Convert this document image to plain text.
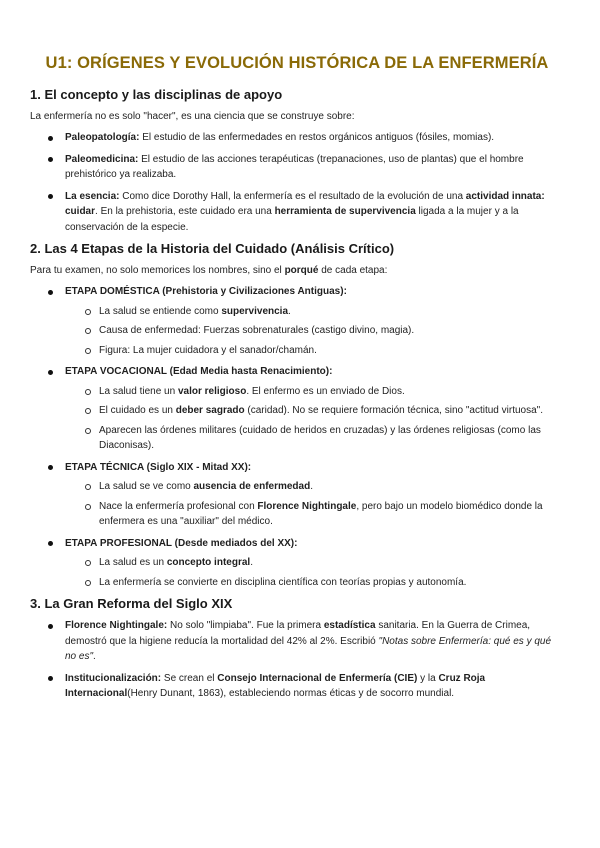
U1: ORÍGENES Y EVOLUCIÓN HISTÓRICA DE LA ENFERMERÍA
1. El concepto y las disciplinas de apoyo

La enfermería no es solo "hacer", es una ciencia que se construye sobre:

Paleopatología: El estudio de las enfermedades en restos orgánicos antiguos (fósiles, momias).
Paleomedicina: El estudio de las acciones terapéuticas (trepanaciones, uso de plantas) que el hombre prehistórico ya realizaba.
La esencia: Como dice Dorothy Hall, la enfermería es el resultado de la evolución de una actividad innata: cuidar. En la prehistoria, este cuidado era una herramienta de supervivencia ligada a la mujer y a la conservación de la especie.
2. Las 4 Etapas de la Historia del Cuidado (Análisis Crítico)

Para tu examen, no solo memorices los nombres, sino el porqué de cada etapa:

ETAPA DOMÉSTICA (Prehistoria y Civilizaciones Antiguas):
La salud se entiende como supervivencia.
Causa de enfermedad: Fuerzas sobrenaturales (castigo divino, magia).
Figura: La mujer cuidadora y el sanador/chamán.
ETAPA VOCACIONAL (Edad Media hasta Renacimiento):
La salud tiene un valor religioso. El enfermo es un enviado de Dios.
El cuidado es un deber sagrado (caridad). No se requiere formación técnica, sino "actitud virtuosa".
Aparecen las órdenes militares (cuidado de heridos en cruzadas) y las órdenes religiosas (como las Diaconisas).
ETAPA TÉCNICA (Siglo XIX - Mitad XX):
La salud se ve como ausencia de enfermedad.
Nace la enfermería profesional con Florence Nightingale, pero bajo un modelo biomédico donde la enfermera es una "auxiliar" del médico.
ETAPA PROFESIONAL (Desde mediados del XX):
La salud es un concepto integral.
La enfermería se convierte en disciplina científica con teorías propias y autonomía.
3. La Gran Reforma del Siglo XIX
Florence Nightingale: No solo "limpiaba". Fue la primera estadística sanitaria. En la Guerra de Crimea, demostró que la higiene reducía la mortalidad del 42% al 2%. Escribió "Notas sobre Enfermería: qué es y qué no es".
Institucionalización: Se crean el Consejo Internacional de Enfermería (CIE) y la Cruz Roja Internacional(Henry Dunant, 1863), estableciendo normas éticas y de socorro mundial.
